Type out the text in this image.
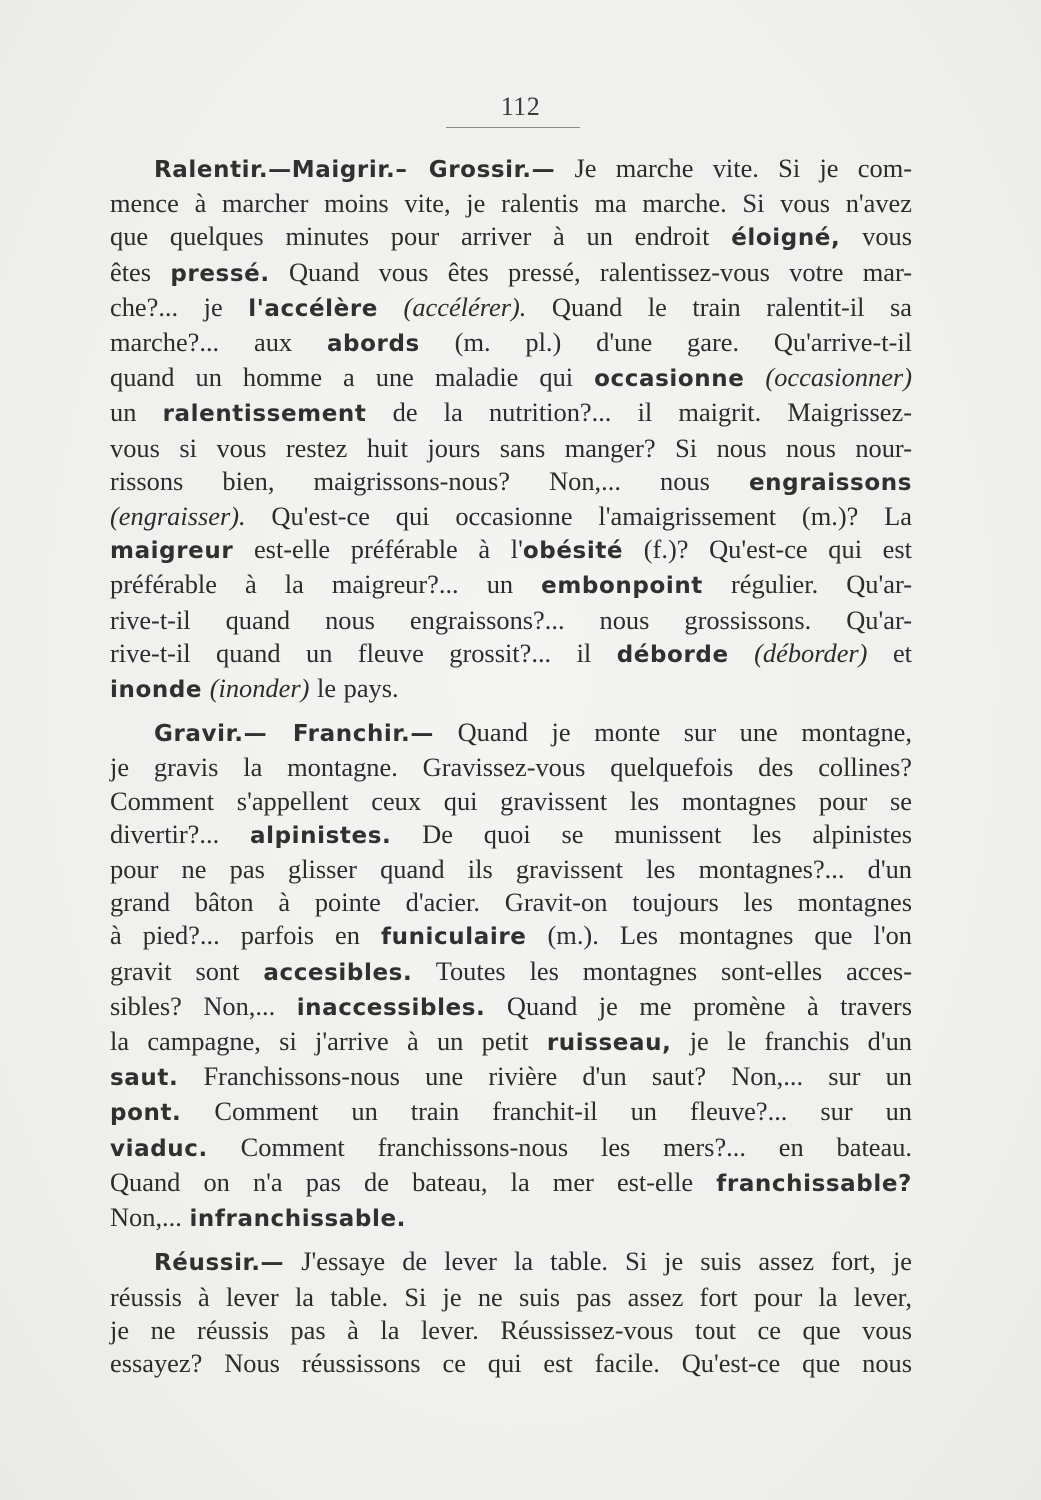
112
Ralentir.—Maigrir.– Grossir.— Je marche vite. Si je com-
mence à marcher moins vite, je ralentis ma marche. Si vous n'avez
que quelques minutes pour arriver à un endroit éloigné, vous
êtes pressé. Quand vous êtes pressé, ralentissez-vous votre mar-
che?... je l'accélère (accélérer). Quand le train ralentit-il sa
marche?... aux abords (m. pl.) d'une gare. Qu'arrive-t-il
quand un homme a une maladie qui occasionne (occasionner)
un ralentissement de la nutrition?... il maigrit. Maigrissez-
vous si vous restez huit jours sans manger? Si nous nous nour-
rissons bien, maigrissons-nous? Non,... nous engraissons
(engraisser). Qu'est-ce qui occasionne l'amaigrissement (m.)? La
maigreur est-elle préférable à l'obésité (f.)? Qu'est-ce qui est
préférable à la maigreur?... un embonpoint régulier. Qu'ar-
rive-t-il quand nous engraissons?... nous grossissons. Qu'ar-
rive-t-il quand un fleuve grossit?... il déborde (déborder) et
inonde (inonder) le pays.
Gravir.— Franchir.— Quand je monte sur une montagne,
je gravis la montagne. Gravissez-vous quelquefois des collines?
Comment s'appellent ceux qui gravissent les montagnes pour se
divertir?... alpinistes. De quoi se munissent les alpinistes
pour ne pas glisser quand ils gravissent les montagnes?... d'un
grand bâton à pointe d'acier. Gravit-on toujours les montagnes
à pied?... parfois en funiculaire (m.). Les montagnes que l'on
gravit sont accesibles. Toutes les montagnes sont-elles acces-
sibles? Non,... inaccessibles. Quand je me promène à travers
la campagne, si j'arrive à un petit ruisseau, je le franchis d'un
saut. Franchissons-nous une rivière d'un saut? Non,... sur un
pont. Comment un train franchit-il un fleuve?... sur un
viaduc. Comment franchissons-nous les mers?... en bateau.
Quand on n'a pas de bateau, la mer est-elle franchissable?
Non,... infranchissable.
Réussir.— J'essaye de lever la table. Si je suis assez fort, je
réussis à lever la table. Si je ne suis pas assez fort pour la lever,
je ne réussis pas à la lever. Réussissez-vous tout ce que vous
essayez? Nous réussissons ce qui est facile. Qu'est-ce que nous
